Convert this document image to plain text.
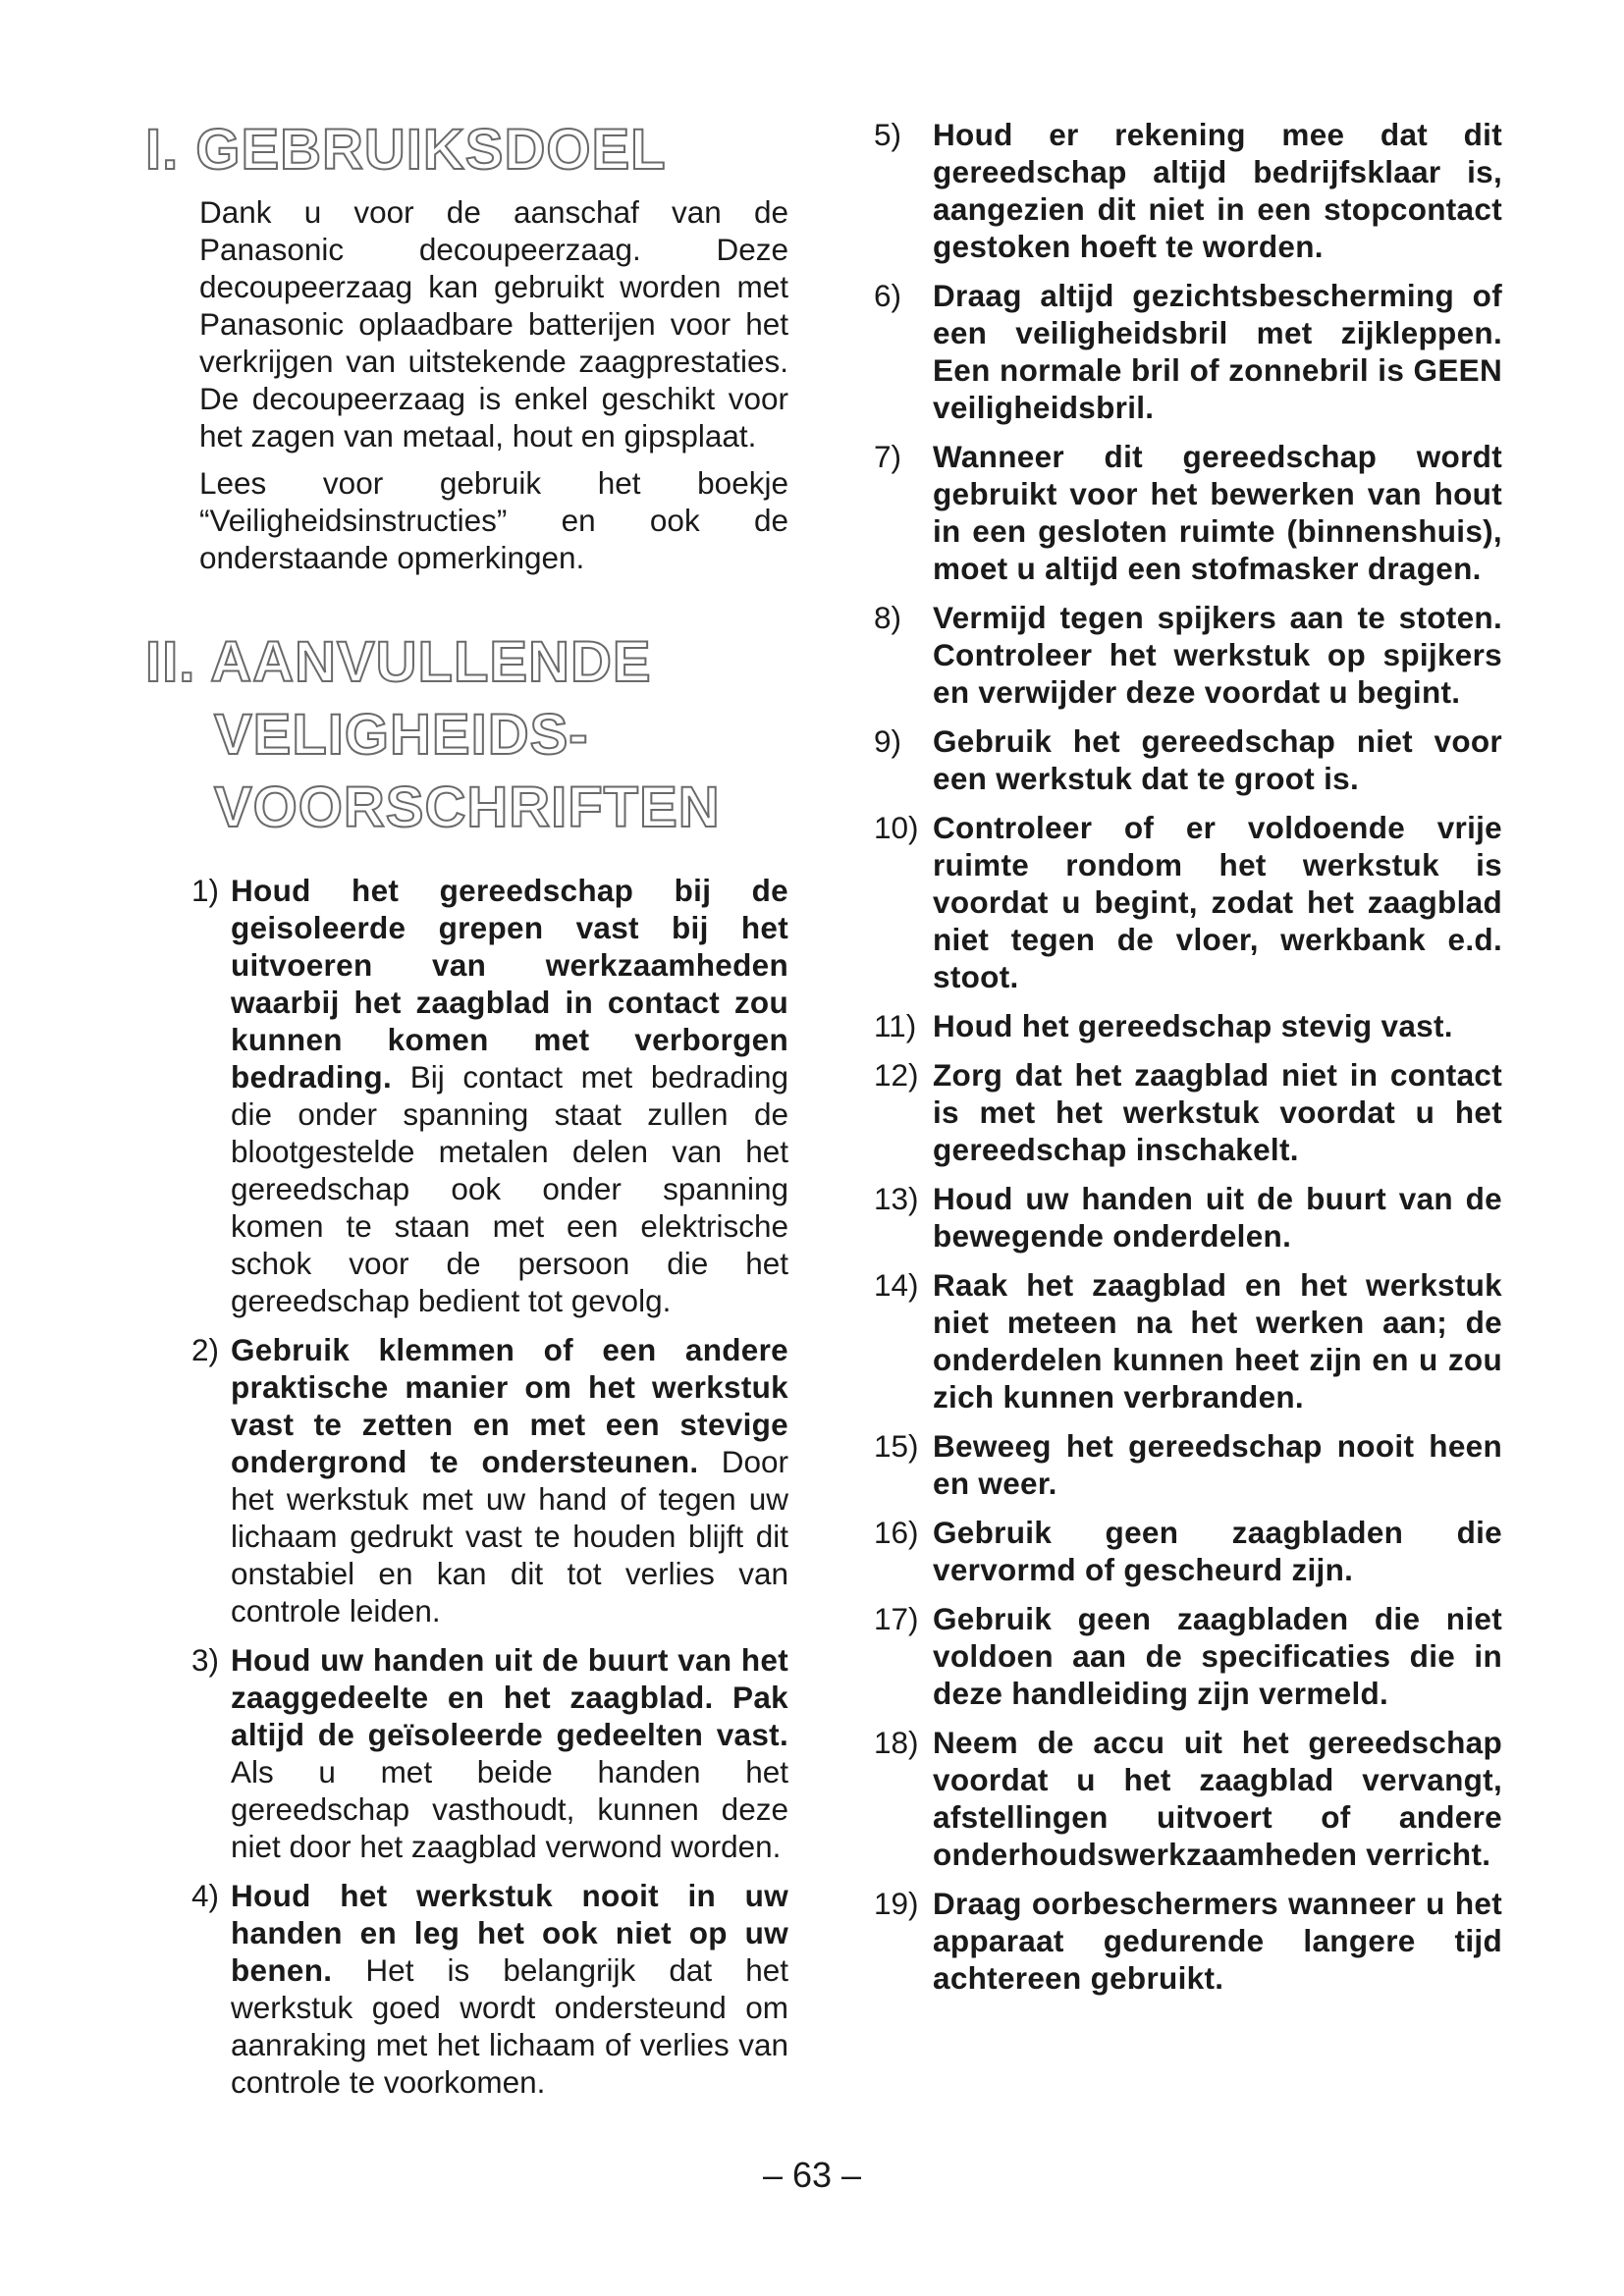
I. GEBRUIKSDOEL

Dank u voor de aanschaf van de Panasonic decoupeerzaag. Deze decoupeerzaag kan gebruikt worden met Panasonic oplaadbare batterijen voor het verkrijgen van uitstekende zaagprestaties. De decoupeerzaag is enkel geschikt voor het zagen van metaal, hout en gipsplaat.

Lees voor gebruik het boekje “Veiligheidsinstructies” en ook de onderstaande opmerkingen.

II. AANVULLENDE
VELIGHEIDS-
VOORSCHRIFTEN
1) Houd het gereedschap bij de geisoleerde grepen vast bij het uitvoeren van werkzaamheden waarbij het zaagblad in contact zou kunnen komen met verborgen bedrading. Bij contact met bedrading die onder spanning staat zullen de blootgestelde metalen delen van het gereedschap ook onder spanning komen te staan met een elektrische schok voor de persoon die het gereedschap bedient tot gevolg.
2) Gebruik klemmen of een andere praktische manier om het werkstuk vast te zetten en met een stevige ondergrond te ondersteunen. Door het werkstuk met uw hand of tegen uw lichaam gedrukt vast te houden blijft dit onstabiel en kan dit tot verlies van controle leiden.
3) Houd uw handen uit de buurt van het zaaggedeelte en het zaagblad. Pak altijd de geïsoleerde gedeelten vast. Als u met beide handen het gereedschap vasthoudt, kunnen deze niet door het zaagblad verwond worden.
4) Houd het werkstuk nooit in uw handen en leg het ook niet op uw benen. Het is belangrijk dat het werkstuk goed wordt ondersteund om aanraking met het lichaam of verlies van controle te voorkomen.
5) Houd er rekening mee dat dit gereedschap altijd bedrijfsklaar is, aangezien dit niet in een stopcontact gestoken hoeft te worden.
6) Draag altijd gezichtsbescherming of een veiligheidsbril met zijkleppen. Een normale bril of zonnebril is GEEN veiligheidsbril.
7) Wanneer dit gereedschap wordt gebruikt voor het bewerken van hout in een gesloten ruimte (binnenshuis), moet u altijd een stofmasker dragen.
8) Vermijd tegen spijkers aan te stoten. Controleer het werkstuk op spijkers en verwijder deze voordat u begint.
9) Gebruik het gereedschap niet voor een werkstuk dat te groot is.
10) Controleer of er voldoende vrije ruimte rondom het werkstuk is voordat u begint, zodat het zaagblad niet tegen de vloer, werkbank e.d. stoot.
11) Houd het gereedschap stevig vast.
12) Zorg dat het zaagblad niet in contact is met het werkstuk voordat u het gereedschap inschakelt.
13) Houd uw handen uit de buurt van de bewegende onderdelen.
14) Raak het zaagblad en het werkstuk niet meteen na het werken aan; de onderdelen kunnen heet zijn en u zou zich kunnen verbranden.
15) Beweeg het gereedschap nooit heen en weer.
16) Gebruik geen zaagbladen die vervormd of gescheurd zijn.
17) Gebruik geen zaagbladen die niet voldoen aan de specificaties die in deze handleiding zijn vermeld.
18) Neem de accu uit het gereedschap voordat u het zaagblad vervangt, afstellingen uitvoert of andere onderhoudswerkzaamheden verricht.
19) Draag oorbeschermers wanneer u het apparaat gedurende langere tijd achtereen gebruikt.
– 63 –
